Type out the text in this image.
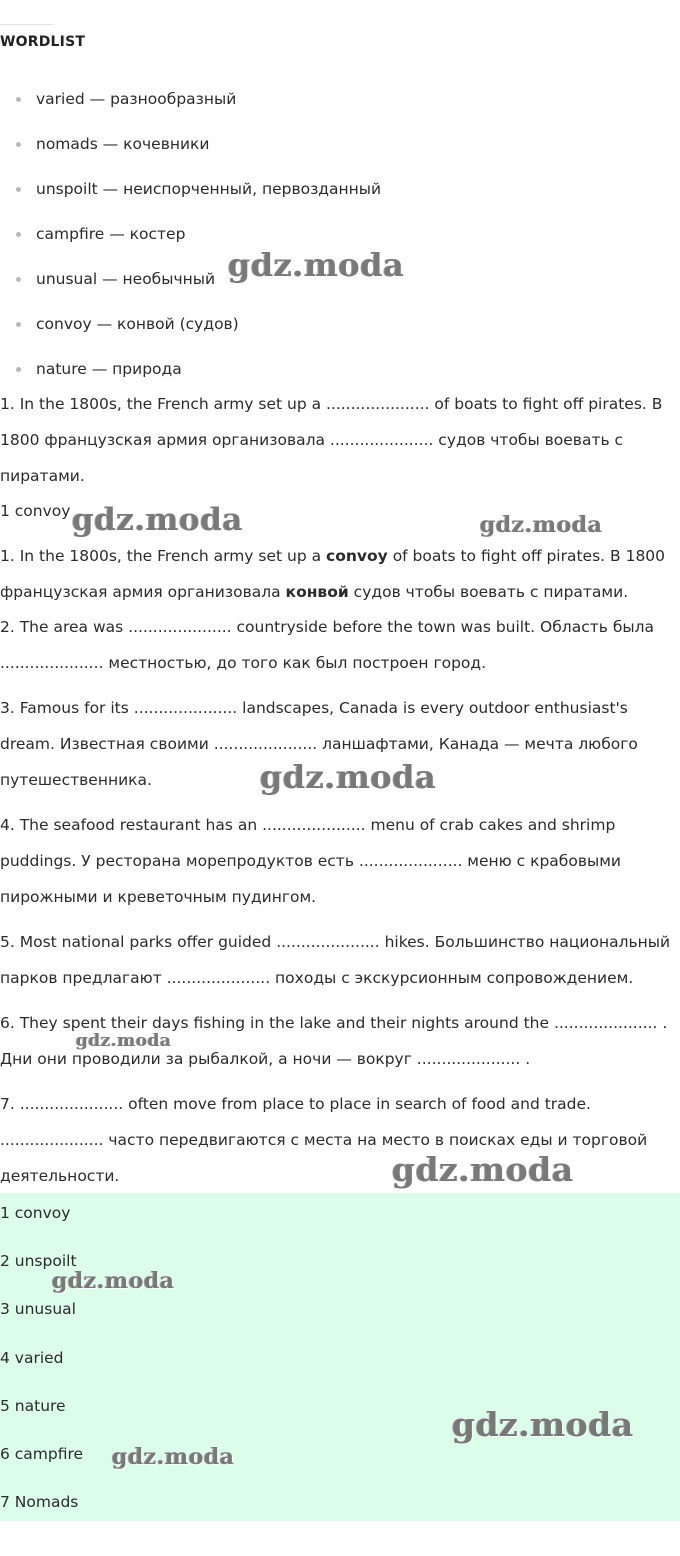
WORDLIST
varied — разнообразный
nomads — кочевники
unspoilt — неиспорченный, первозданный
campfire — костер
unusual — необычный
convoy — конвой (судов)
nature — природа

1. In the 1800s, the French army set up a ..................... of boats to fight off pirates. В

1800 французская армия организовала ..................... судов чтобы воевать с

пиратами.

1 convoy

1. In the 1800s, the French army set up a convoy of boats to fight off pirates. В 1800

французская армия организовала конвой судов чтобы воевать с пиратами.

2. The area was ..................... countryside before the town was built. Область была

..................... местностью, до того как был построен город.

3. Famous for its ..................... landscapes, Canada is every outdoor enthusiast's

dream. Известная своими ..................... ланшафтами, Канада — мечта любого

путешественника.

4. The seafood restaurant has an ..................... menu of crab cakes and shrimp

puddings. У ресторана морепродуктов есть ..................... меню с крабовыми

пирожными и креветочным пудингом.

5. Most national parks offer guided ..................... hikes. Большинство национальный

парков предлагают ..................... походы с экскурсионным сопровождением.

6. They spent their days fishing in the lake and their nights around the ..................... .

Дни они проводили за рыбалкой, а ночи — вокруг ..................... .

7. ..................... often move from place to place in search of food and trade.

..................... часто передвигаются с места на место в поисках еды и торговой

деятельности.

1 convoy
2 unspoilt
3 unusual
4 varied
5 nature
6 campfire
7 Nomads
gdz.moda
gdz.moda	gdz.moda
gdz.moda
gdz.moda
gdz.moda
gdz.moda
gdz.moda
gdz.moda
